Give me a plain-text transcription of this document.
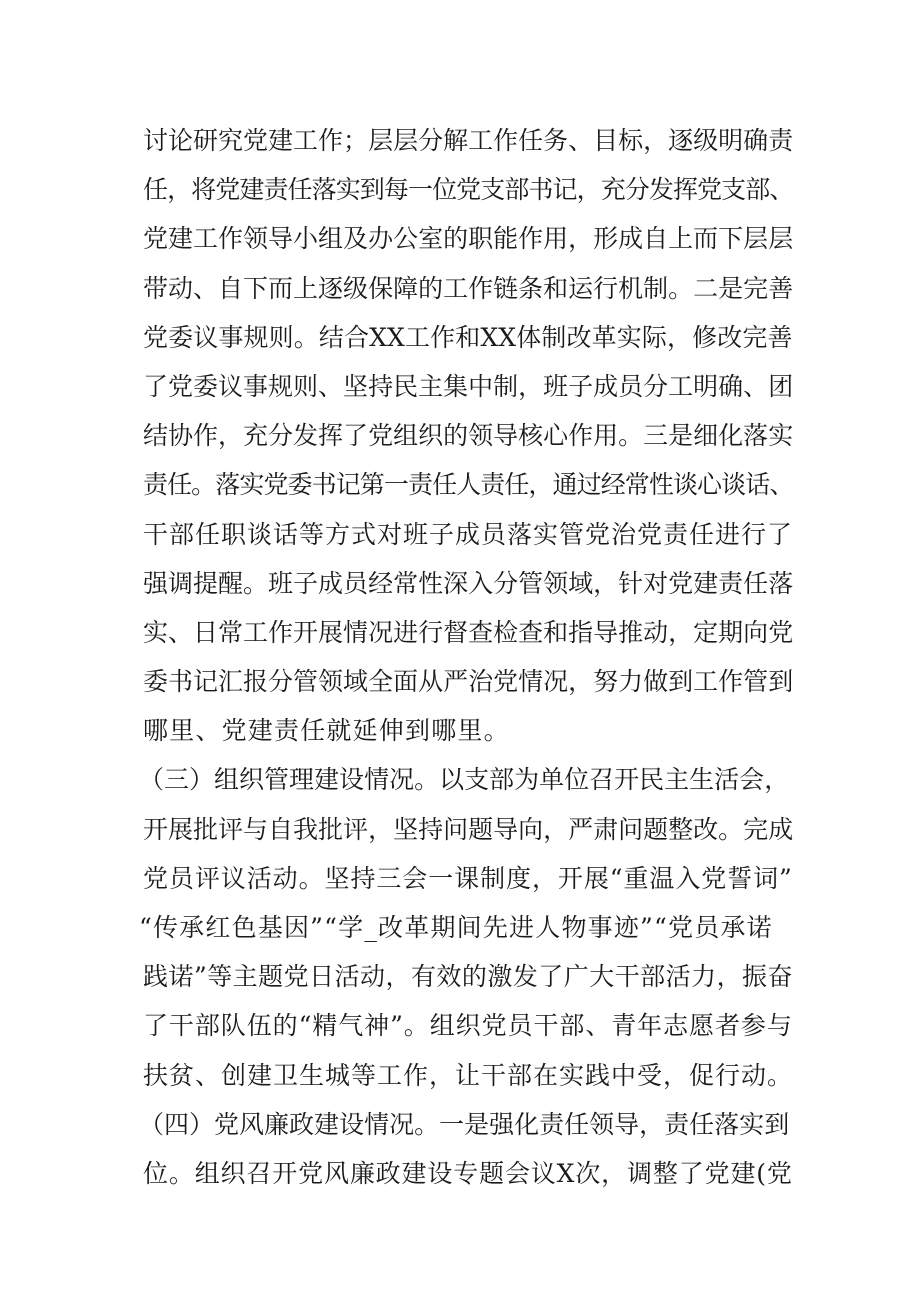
讨论研究党建工作；层层分解工作任务、目标，逐级明确责
任，将党建责任落实到每一位党支部书记，充分发挥党支部、
党建工作领导小组及办公室的职能作用，形成自上而下层层
带动、自下而上逐级保障的工作链条和运行机制。二是完善
党委议事规则。结合XX工作和XX体制改革实际，修改完善
了党委议事规则、坚持民主集中制，班子成员分工明确、团
结协作，充分发挥了党组织的领导核心作用。三是细化落实
责任。落实党委书记第一责任人责任，通过经常性谈心谈话、
干部任职谈话等方式对班子成员落实管党治党责任进行了
强调提醒。班子成员经常性深入分管领域，针对党建责任落
实、日常工作开展情况进行督查检查和指导推动，定期向党
委书记汇报分管领域全面从严治党情况，努力做到工作管到
哪里、党建责任就延伸到哪里。
（三）组织管理建设情况。以支部为单位召开民主生活会，
开展批评与自我批评，坚持问题导向，严肃问题整改。完成
党员评议活动。坚持三会一课制度，开展“重温入党誓词”
“传承红色基因”“学_改革期间先进人物事迹”“党员承诺
践诺”等主题党日活动，有效的激发了广大干部活力，振奋
了干部队伍的“精气神”。组织党员干部、青年志愿者参与
扶贫、创建卫生城等工作，让干部在实践中受，促行动。
（四）党风廉政建设情况。一是强化责任领导，责任落实到
位。组织召开党风廉政建设专题会议X次，调整了党建(党
